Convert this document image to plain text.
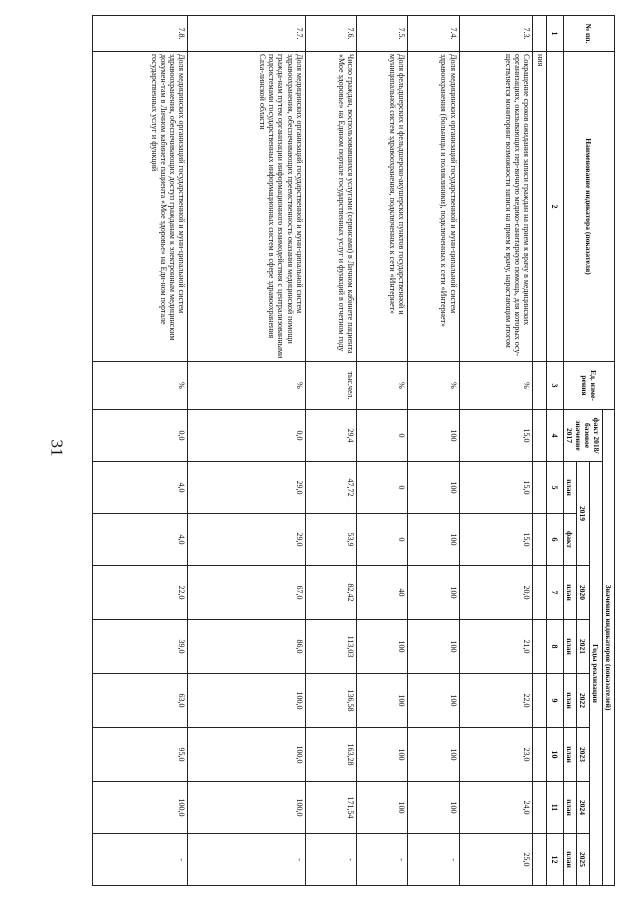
31
№ пп.	Наименование индикатора (показателя)	Ед. изме-рения	Значения индикаторов (показателей)								
			факт 2018/ базовое значение 2017	Годы реализации							
				2019		2020	2021	2022	2023	2024	2025
				план	факт	план	план	план	план	план	план
1	2	3	4	5	6	7	8	9	10	11	12
	ния										
7.3.	Сокращение сроков ожидания записи граждан на прием к врачу в медицинских организациях, оказывающих пер-вичную медико-санитарную помощь, для которых осу-ществляется мониторинг возможности записи на прием к врачу, нарастающим итогом	%	15,0	15,0	15,0	20,0	21,0	22,0	23,0	24,0	25,0
7.4.	Доля медицинских организаций государственной и муни-ципальной систем здравоохранения (больницы и поликлиники), подключенных к сети «Интернет»	%	100	100	100	100	100	100	100	100	-
7.5.	Доля фельдшерских и фельдшерско-акушерских пунктов государственной и муниципальной систем здравоохранения, подключенных к сети «Интернет»	%	0	0	0	40	100	100	100	100	-
7.6.	Число граждан, воспользовавшихся услугами (сервисами) в Личном кабинете пациента «Мое здоровье» на Едином портале государственных услуг и функций в отчетном году	тыс.чел.	29,4	47,72	53,9	82,42	113,03	136,58	163,28	171,54	-
7.7.	Доля медицинских организаций государственной и муни-ципальной систем здравоохранения, обеспечивающих преемственность оказания медицинской помощи гражда-нам путем организации информационного взаимодействия с централизованными подсистемами государственных информационных систем в сфере здравоохранения Саха-линской области	%	0,0	29,0	29,0	67,0	86,0	100,0	100,0	100,0	-
7.8.	Доля медицинских организаций государственной и муни-ципальной систем здравоохранения, обеспечивающих доступ гражданам к электронным медицинским докумен-там в Личном кабинете пациента «Мое здоровье» на Еди-ном портале государственных услуг и функций	%	0,0	4,0	4,0	22,0	39,0	63,0	95,0	100,0	-
